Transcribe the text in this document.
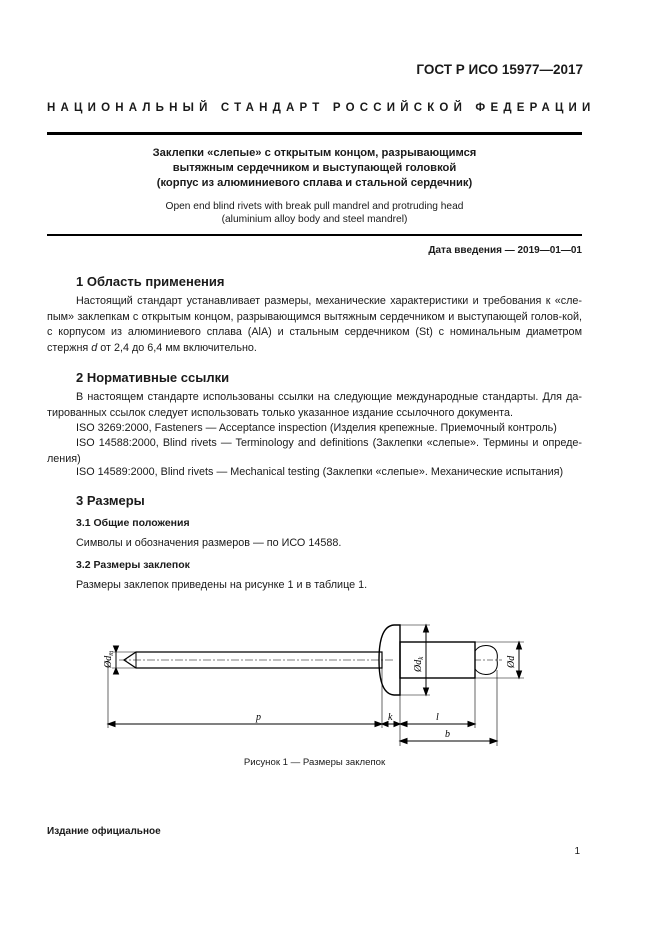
ГОСТ Р ИСО 15977—2017
НАЦИОНАЛЬНЫЙ СТАНДАРТ РОССИЙСКОЙ ФЕДЕРАЦИИ
Заклепки «слепые» с открытым концом, разрывающимся
вытяжным сердечником и выступающей головкой
(корпус из алюминиевого сплава и стальной сердечник)
Open end blind rivets with break pull mandrel and protruding head
(aluminium alloy body and steel mandrel)
Дата введения — 2019—01—01
1 Область применения
Настоящий стандарт устанавливает размеры, механические характеристики и требования к «сле-пым» заклепкам с открытым концом, разрывающимся вытяжным сердечником и выступающей голов-кой, с корпусом из алюминиевого сплава (AlA) и стальным сердечником (St) с номинальным диаметром стержня d от 2,4 до 6,4 мм включительно.
2 Нормативные ссылки
В настоящем стандарте использованы ссылки на следующие международные стандарты. Для да-тированных ссылок следует использовать только указанное издание ссылочного документа.
ISO 3269:2000, Fasteners — Acceptance inspection (Изделия крепежные. Приемочный контроль)
ISO 14588:2000, Blind rivets — Terminology and definitions (Заклепки «слепые». Термины и опреде-ления)
ISO 14589:2000, Blind rivets — Mechanical testing (Заклепки «слепые». Механические испытания)
3 Размеры
3.1 Общие положения
Символы и обозначения размеров — по ИСО 14588.
3.2 Размеры заклепок
Размеры заклепок приведены на рисунке 1 и в таблице 1.
$Ød_m$
$Ød_k$	Ød
p	k	l
b
Рисунок 1 — Размеры заклепок
Издание официальное
1
